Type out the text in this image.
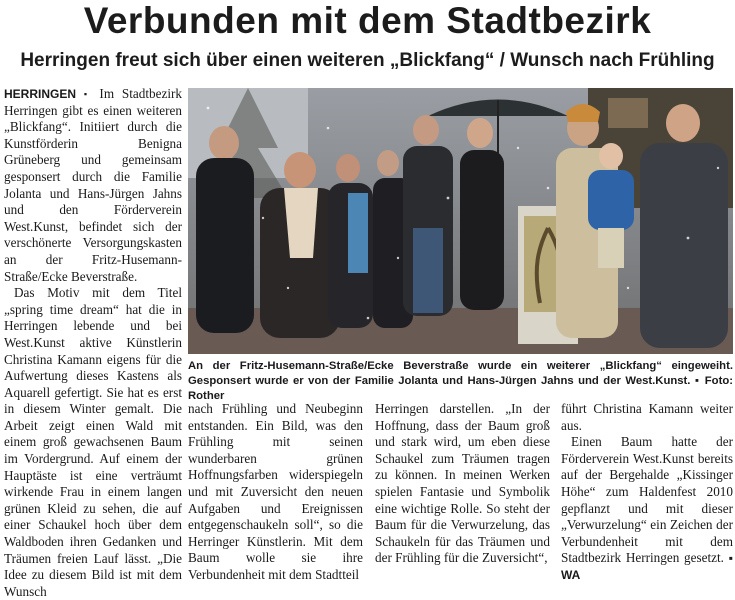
Verbunden mit dem Stadtbezirk
Herringen freut sich über einen weiteren „Blickfang“ / Wunsch nach Frühling

HERRINGEN ▪ Im Stadtbezirk Herringen gibt es einen weiteren „Blickfang“. Initiiert durch die Kunstförderin Benigna Grüneberg und gemeinsam gesponsert durch die Familie Jolanta und Hans-Jürgen Jahns und den Förderverein West.Kunst, befindet sich der verschönerte Versorgungskasten an der Fritz-Husemann-Straße/Ecke Beverstraße.

Das Motiv mit dem Titel „spring time dream“ hat die in Herringen lebende und bei West.Kunst aktive Künstlerin Christina Kamann eigens für die Aufwertung dieses Kastens als Aquarell gefertigt. Sie hat es erst in diesem Winter gemalt. Die Arbeit zeigt einen Wald mit einem groß gewachsenen Baum im Vordergrund. Auf einem der Hauptäste ist eine verträumt wirkende Frau in einem langen grünen Kleid zu sehen, die auf einer Schaukel hoch über dem Waldboden ihren Gedanken und Träumen freien Lauf lässt. „Die Idee zu diesem Bild ist mit dem Wunsch

An der Fritz-Husemann-Straße/Ecke Beverstraße wurde ein weiterer „Blickfang“ eingeweiht. Gesponsert wurde er von der Familie Jolanta und Hans-Jürgen Jahns und der West.Kunst. ▪ Foto: Rother

nach Frühling und Neubeginn entstanden. Ein Bild, was den Frühling mit seinen wunderbaren grünen Hoffnungsfarben widerspiegeln und mit Zuversicht den neuen Aufgaben und Ereignissen entgegenschaukeln soll“, so die Herringer Künstlerin. Mit dem Baum wolle sie ihre Verbundenheit mit dem Stadtteil

Herringen darstellen. „In der Hoffnung, dass der Baum groß und stark wird, um eben diese Schaukel zum Träumen tragen zu können. In meinen Werken spielen Fantasie und Symbolik eine wichtige Rolle. So steht der Baum für die Verwurzelung, das Schaukeln für das Träumen und der Frühling für die Zuversicht“,

führt Christina Kamann weiter aus.

Einen Baum hatte der Förderverein West.Kunst bereits auf der Bergehalde „Kissinger Höhe“ zum Haldenfest 2010 gepflanzt und mit dieser „Verwurzelung“ ein Zeichen der Verbundenheit mit dem Stadtbezirk Herringen gesetzt. ▪ WA
